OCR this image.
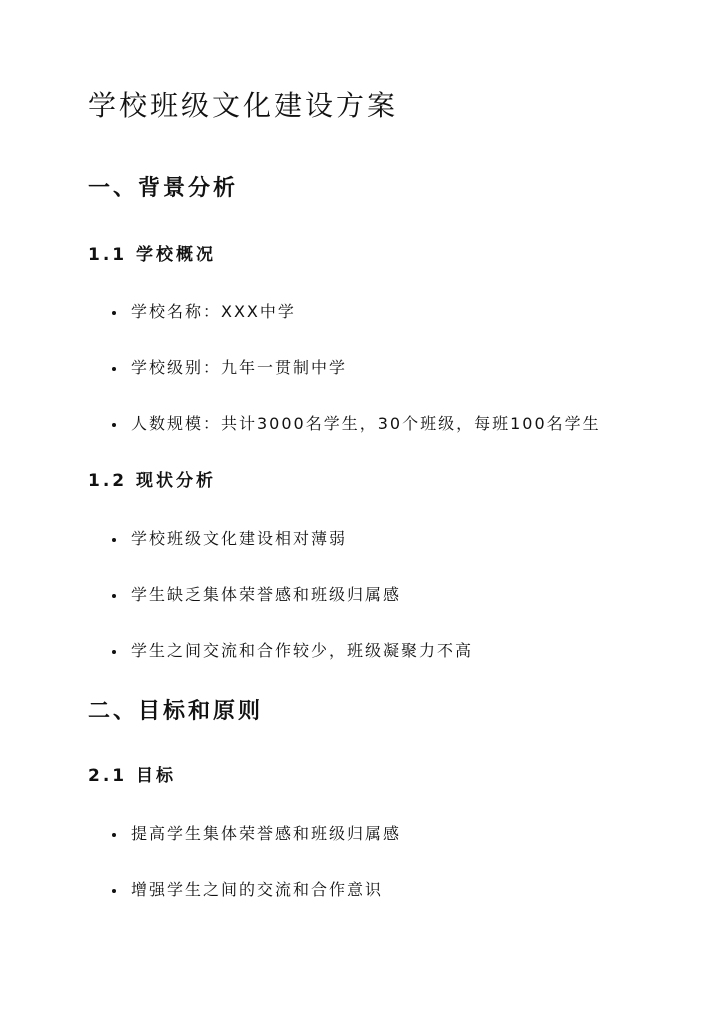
学校班级文化建设方案
一、背景分析
1.1 学校概况
学校名称：XXX中学
学校级别：九年一贯制中学
人数规模：共计3000名学生，30个班级，每班100名学生
1.2 现状分析
学校班级文化建设相对薄弱
学生缺乏集体荣誉感和班级归属感
学生之间交流和合作较少，班级凝聚力不高
二、目标和原则
2.1 目标
提高学生集体荣誉感和班级归属感
增强学生之间的交流和合作意识
